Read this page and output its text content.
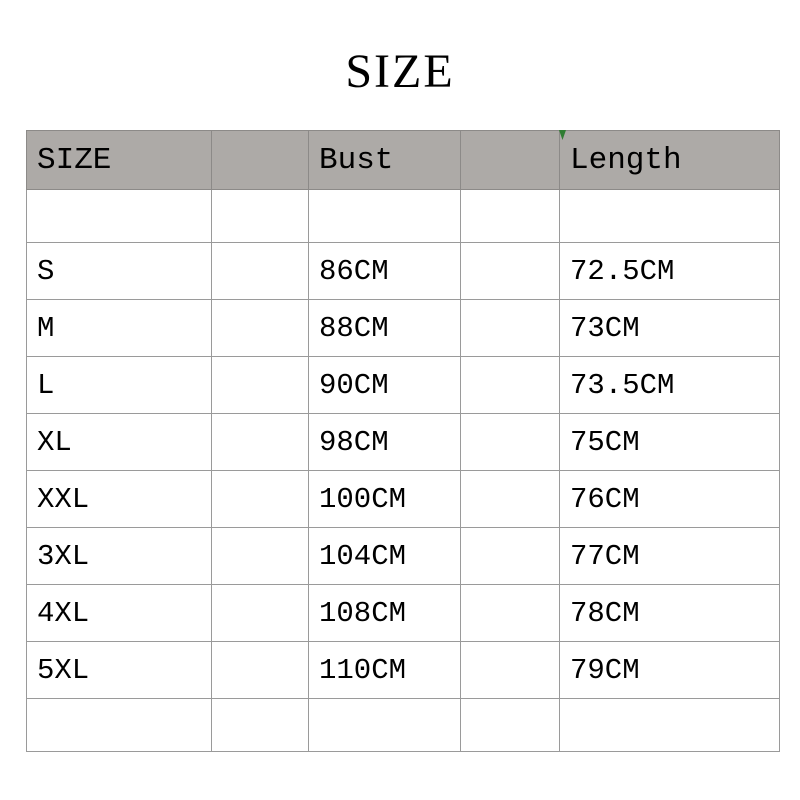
SIZE
SIZE		Bust		Length

S		86CM		72.5CM
M		88CM		73CM
L		90CM		73.5CM
XL		98CM		75CM
XXL		100CM		76CM
3XL		104CM		77CM
4XL		108CM		78CM
5XL		110CM		79CM
